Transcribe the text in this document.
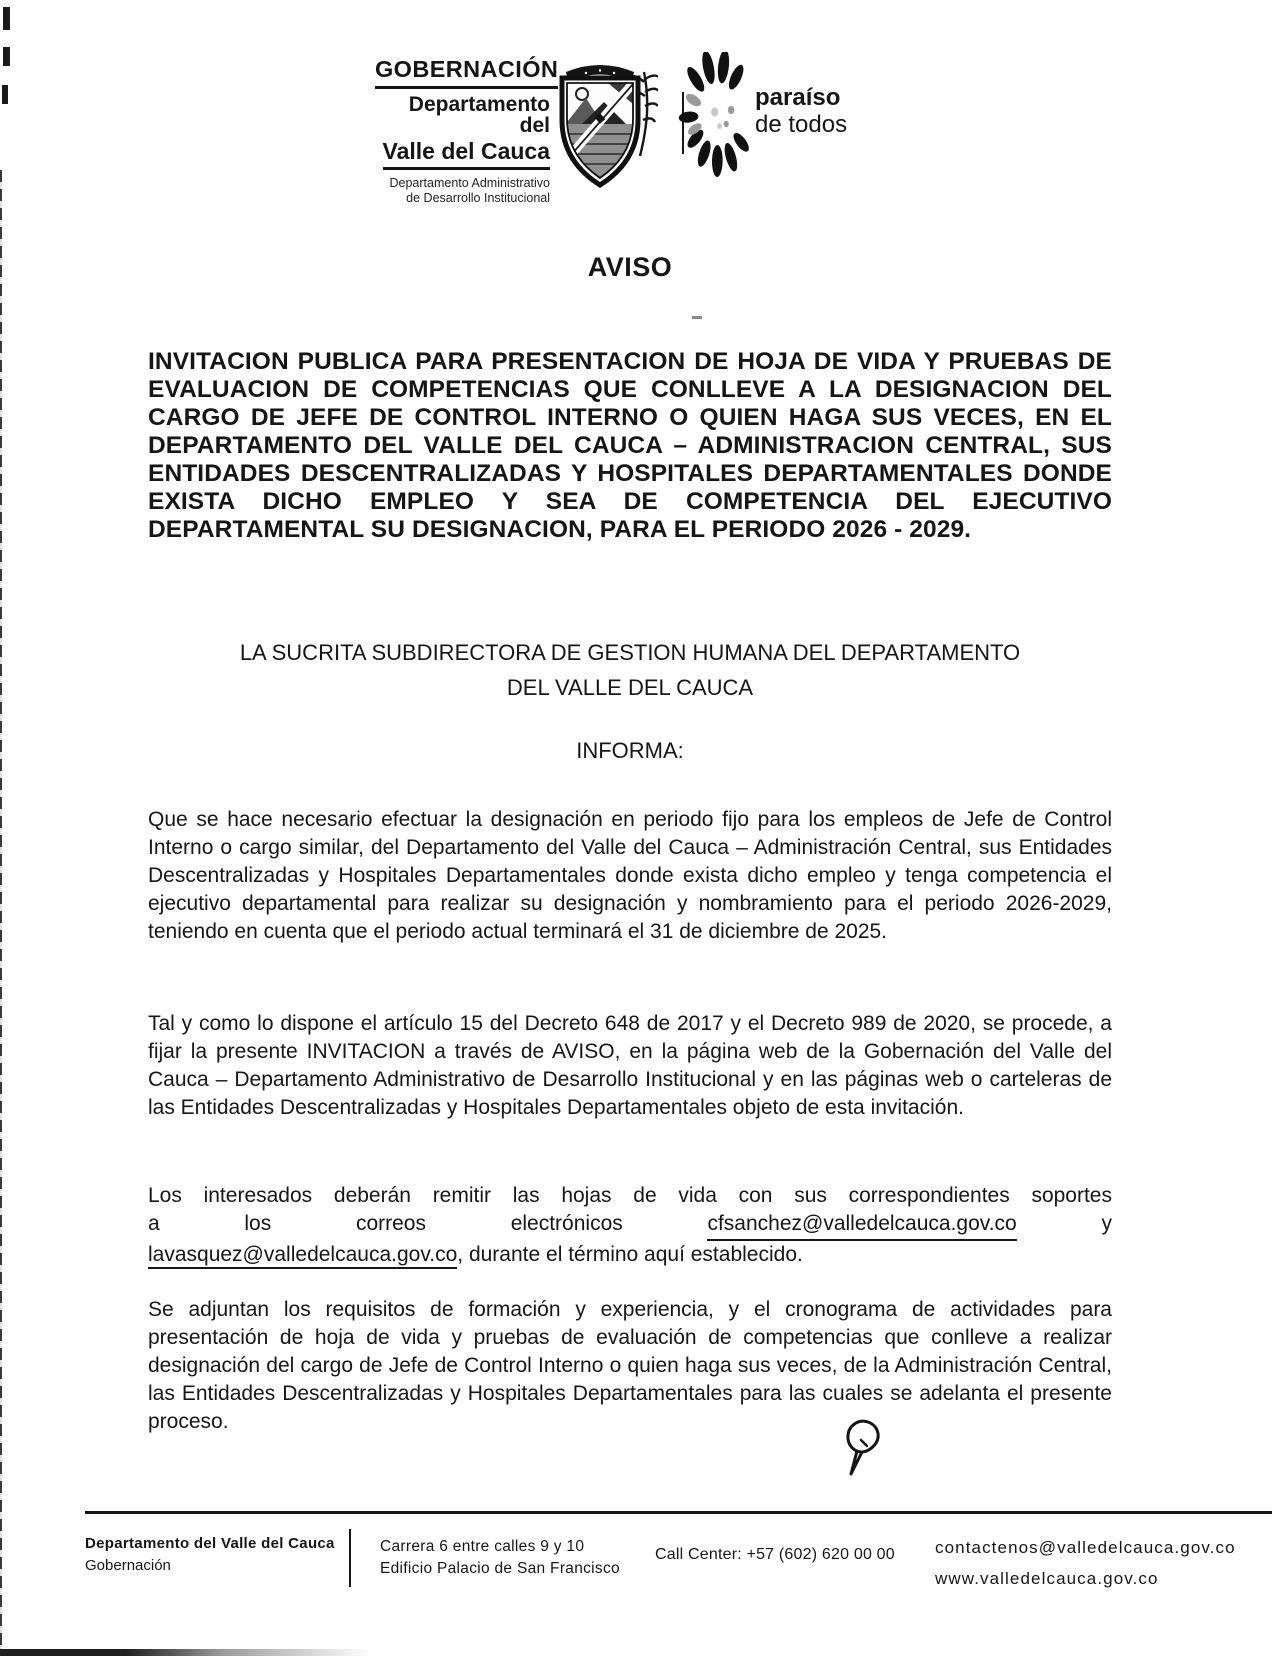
GOBERNACIÓN
Departamento del
Valle del Cauca
Departamento Administrativo
de Desarrollo Institucional
paraíso
de todos
AVISO
INVITACION PUBLICA PARA PRESENTACION DE HOJA DE VIDA Y PRUEBAS DE EVALUACION DE COMPETENCIAS QUE CONLLEVE A LA DESIGNACION DEL CARGO DE JEFE DE CONTROL INTERNO O QUIEN HAGA SUS VECES, EN EL DEPARTAMENTO DEL VALLE DEL CAUCA – ADMINISTRACION CENTRAL, SUS ENTIDADES DESCENTRALIZADAS Y HOSPITALES DEPARTAMENTALES DONDE EXISTA DICHO EMPLEO Y SEA DE COMPETENCIA DEL EJECUTIVO DEPARTAMENTAL SU DESIGNACION, PARA EL PERIODO 2026 - 2029.
LA SUCRITA SUBDIRECTORA DE GESTION HUMANA DEL DEPARTAMENTO
DEL VALLE DEL CAUCA
INFORMA:
Que se hace necesario efectuar la designación en periodo fijo para los empleos de Jefe de Control Interno o cargo similar, del Departamento del Valle del Cauca – Administración Central, sus Entidades Descentralizadas y Hospitales Departamentales donde exista dicho empleo y tenga competencia el ejecutivo departamental para realizar su designación y nombramiento para el periodo 2026-2029, teniendo en cuenta que el periodo actual terminará el 31 de diciembre de 2025.
Tal y como lo dispone el artículo 15 del Decreto 648 de 2017 y el Decreto 989 de 2020, se procede, a fijar la presente INVITACION a través de AVISO, en la página web de la Gobernación del Valle del Cauca – Departamento Administrativo de Desarrollo Institucional y en las páginas web o carteleras de las Entidades Descentralizadas y Hospitales Departamentales objeto de esta invitación.
Los interesados deberán remitir las hojas de vida con sus correspondientes soportes
a	los	correos	electrónicos	cfsanchez@valledelcauca.gov.co	y
lavasquez@valledelcauca.gov.co, durante el término aquí establecido.
Se adjuntan los requisitos de formación y experiencia, y el cronograma de actividades para presentación de hoja de vida y pruebas de evaluación de competencias que conlleve a realizar designación del cargo de Jefe de Control Interno o quien haga sus veces, de la Administración Central, las Entidades Descentralizadas y Hospitales Departamentales para las cuales se adelanta el presente proceso.
Departamento del Valle del Cauca
Gobernación
Carrera 6 entre calles 9 y 10
Edificio Palacio de San Francisco
Call Center: +57 (602) 620 00 00 contactenos@valledelcauca.gov.co
www.valledelcauca.gov.co
